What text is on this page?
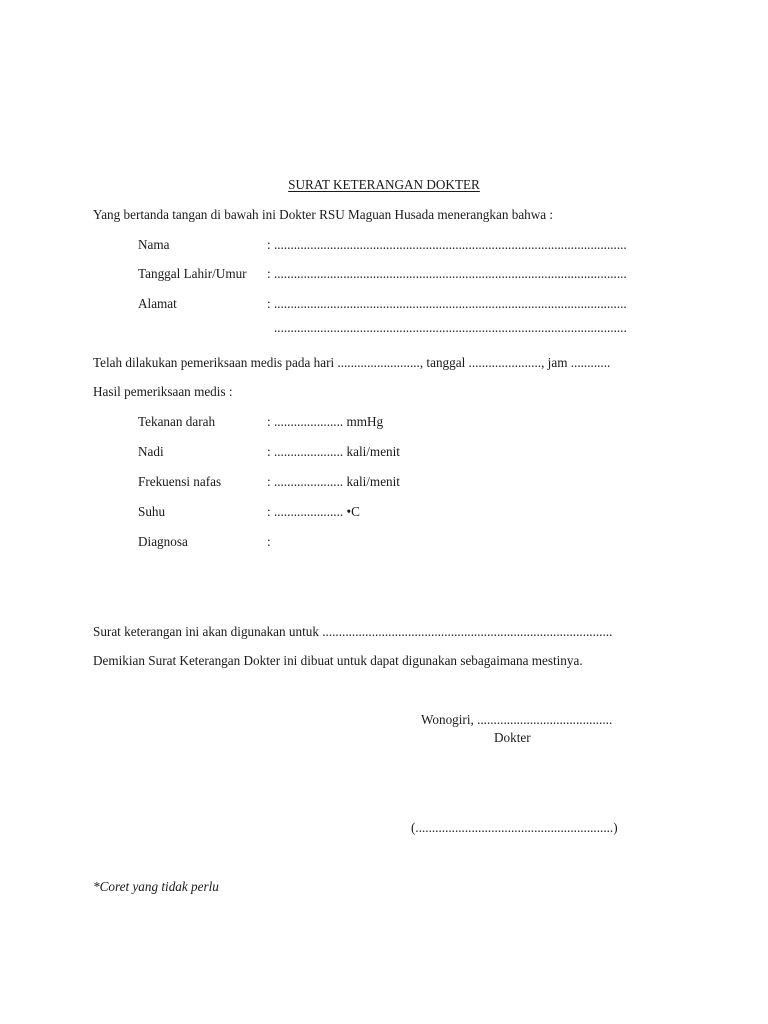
SURAT KETERANGAN DOKTER
Yang bertanda tangan di bawah ini Dokter RSU Maguan Husada menerangkan bahwa :
Nama	: ...........................................................................................................
Tanggal Lahir/Umur : ...........................................................................................................
Alamat	: ...........................................................................................................
...........................................................................................................
Telah dilakukan pemeriksaan medis pada hari ........................., tanggal ......................, jam ............
Hasil pemeriksaan medis :
Tekanan darah	: ..................... mmHg
Nadi	: ..................... kali/menit
Frekuensi nafas	: ..................... kali/menit
Suhu	: ..................... •C
Diagnosa	:
Surat keterangan ini akan digunakan untuk ........................................................................................
Demikian Surat Keterangan Dokter ini dibuat untuk dapat digunakan sebagaimana mestinya.
Wonogiri, .........................................
Dokter
(............................................................)
*Coret yang tidak perlu
